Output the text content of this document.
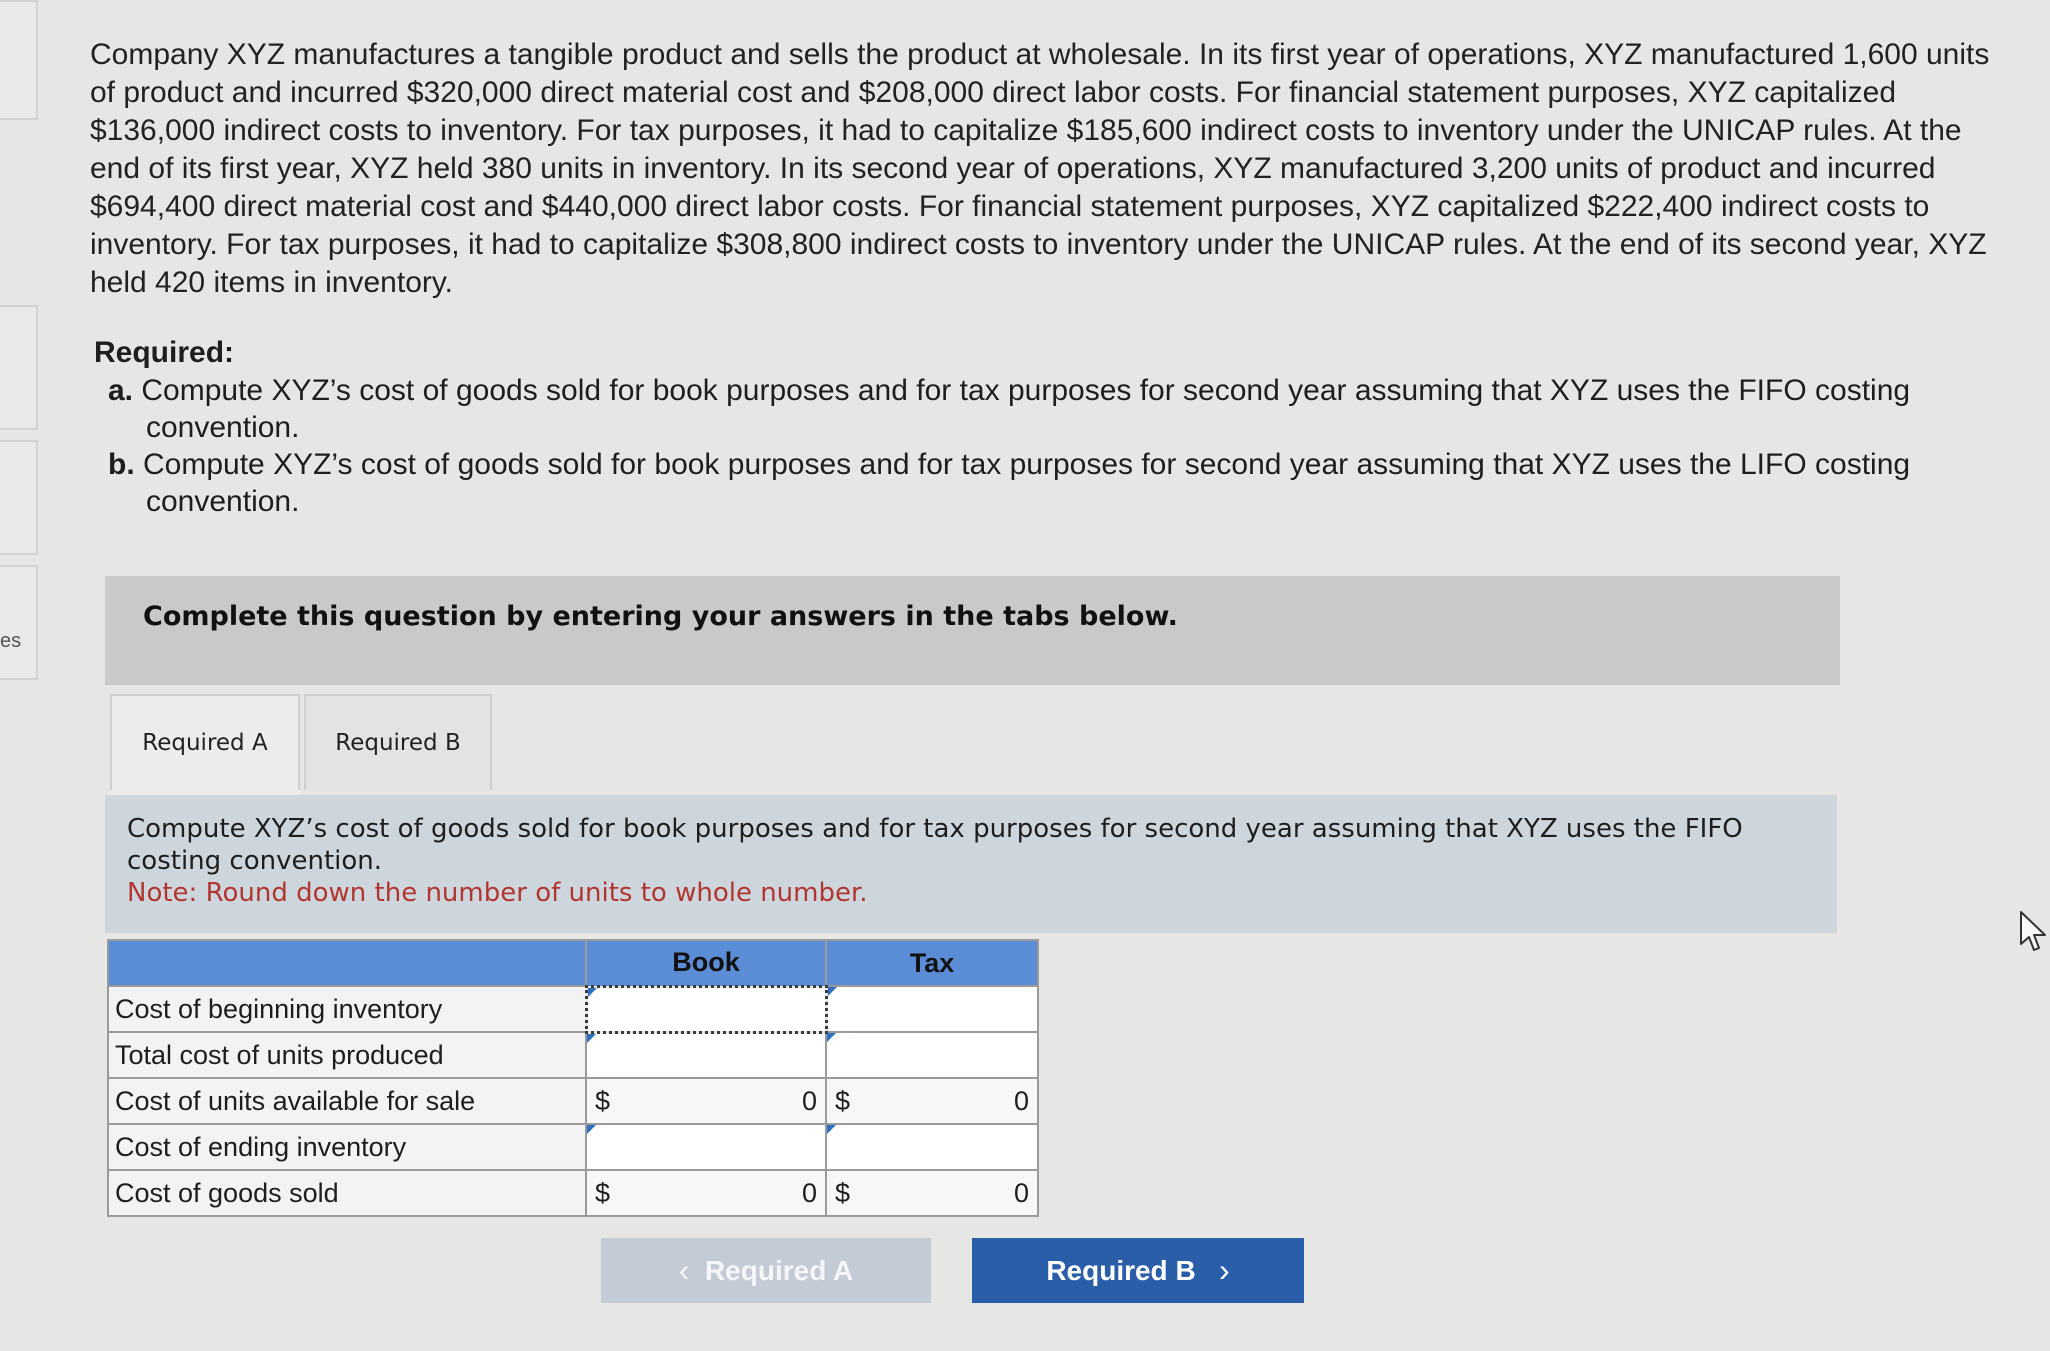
es

Company XYZ manufactures a tangible product and sells the product at wholesale. In its first year of operations, XYZ manufactured 1,600 units of product and incurred $320,000 direct material cost and $208,000 direct labor costs. For financial statement purposes, XYZ capitalized $136,000 indirect costs to inventory. For tax purposes, it had to capitalize $185,600 indirect costs to inventory under the UNICAP rules. At the end of its first year, XYZ held 380 units in inventory. In its second year of operations, XYZ manufactured 3,200 units of product and incurred $694,400 direct material cost and $440,000 direct labor costs. For financial statement purposes, XYZ capitalized $222,400 indirect costs to inventory. For tax purposes, it had to capitalize $308,800 indirect costs to inventory under the UNICAP rules. At the end of its second year, XYZ held 420 items in inventory.

Required:
a. Compute XYZ’s cost of goods sold for book purposes and for tax purposes for second year assuming that XYZ uses the FIFO costing convention.
b. Compute XYZ’s cost of goods sold for book purposes and for tax purposes for second year assuming that XYZ uses the LIFO costing convention.
Complete this question by entering your answers in the tabs below.
Required A	Required B
Compute XYZ’s cost of goods sold for book purposes and for tax purposes for second year assuming that XYZ uses the FIFO costing convention.
Note: Round down the number of units to whole number.
	Book	Tax
Cost of beginning inventory		
Total cost of units produced		
Cost of units available for sale	$ 0	$ 0

Cost of ending inventory		
Cost of goods sold	$ 0	$ 0
‹
Required A	Required B
›
